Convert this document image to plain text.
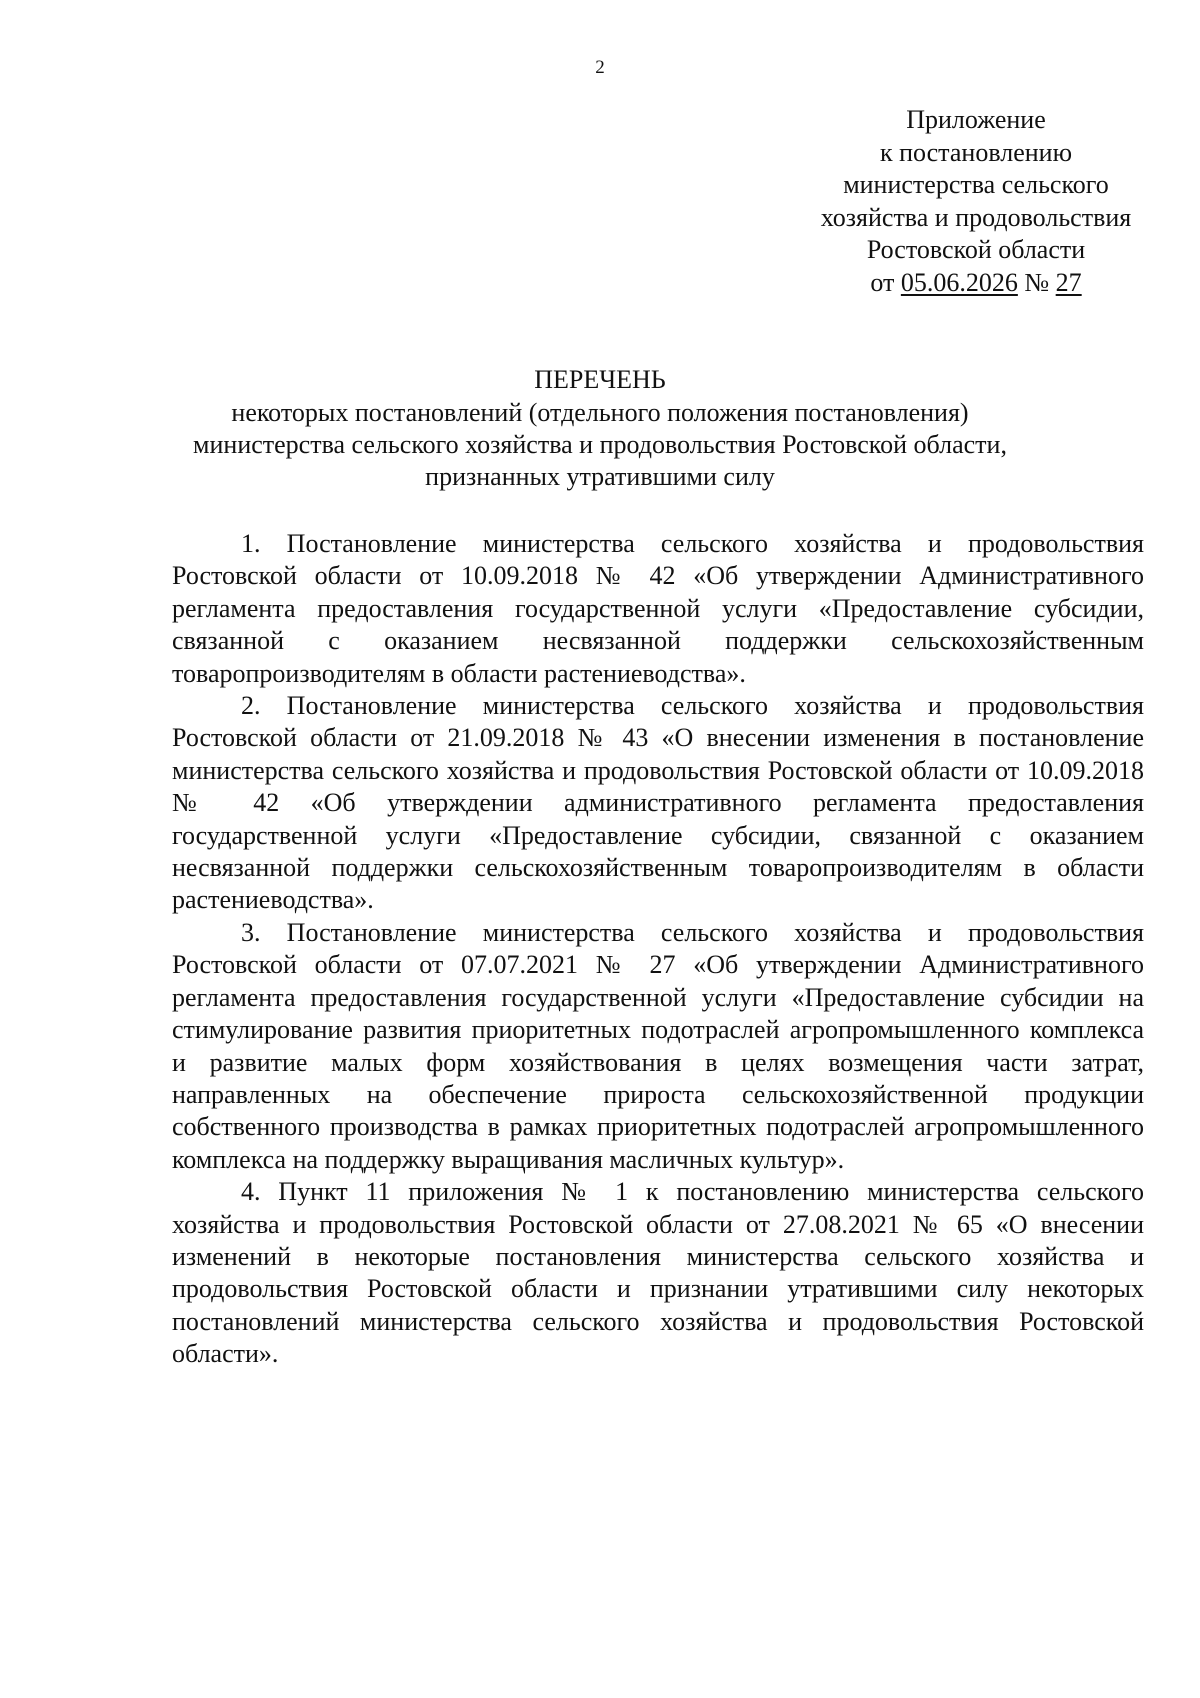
2
Приложение
к постановлению
министерства сельского
хозяйства и продовольствия
Ростовской области
от 05.06.2026 № 27
ПЕРЕЧЕНЬ
некоторых постановлений (отдельного положения постановления)
министерства сельского хозяйства и продовольствия Ростовской области,
признанных утратившими силу

1. Постановление министерства сельского хозяйства и продовольствия Ростовской области от 10.09.2018 № 42 «Об утверждении Административного регламента предоставления государственной услуги «Предоставление субсидии, связанной с оказанием несвязанной поддержки сельскохозяйственным товаропроизводителям в области растениеводства».

2. Постановление министерства сельского хозяйства и продовольствия Ростовской области от 21.09.2018 № 43 «О внесении изменения в постановление министерства сельского хозяйства и продовольствия Ростовской области от 10.09.2018 № 42 «Об утверждении административного регламента предоставления государственной услуги «Предоставление субсидии, связанной с оказанием несвязанной поддержки сельскохозяйственным товаропроизводителям в области растениеводства».

3. Постановление министерства сельского хозяйства и продовольствия Ростовской области от 07.07.2021 № 27 «Об утверждении Административного регламента предоставления государственной услуги «Предоставление субсидии на стимулирование развития приоритетных подотраслей агропромышленного комплекса и развитие малых форм хозяйствования в целях возмещения части затрат, направленных на обеспечение прироста сельскохозяйственной продукции собственного производства в рамках приоритетных подотраслей агропромышленного комплекса на поддержку выращивания масличных культур».

4. Пункт 11 приложения № 1 к постановлению министерства сельского хозяйства и продовольствия Ростовской области от 27.08.2021 № 65 «О внесении изменений в некоторые постановления министерства сельского хозяйства и продовольствия Ростовской области и признании утратившими силу некоторых постановлений министерства сельского хозяйства и продовольствия Ростовской области».
